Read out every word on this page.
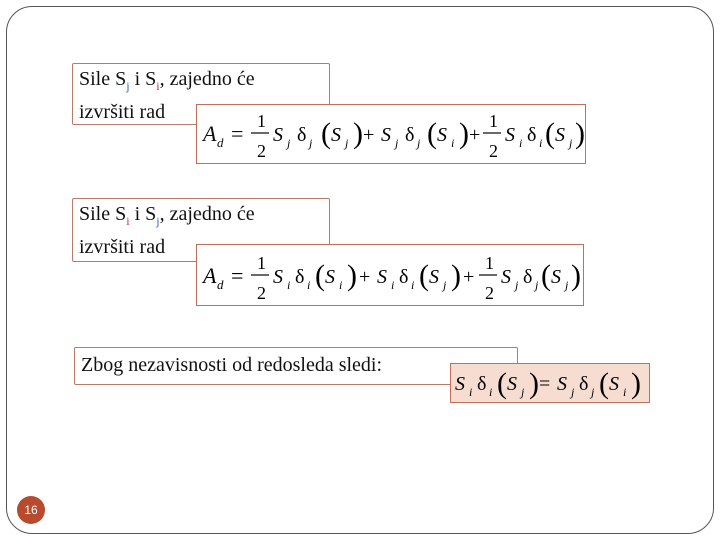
Sile $S_j$ i $S_i$, zajedno će
izvršiti rad
A d = 1
2
S j δ j ( S j ) + S j δ j ( S i ) +
1
2
S i δ i ( S j )
Sile $S_i$ i $S_j$, zajedno će
izvršiti rad
A d = 1
2
S i δ i ( S i ) + S i δ i ( S j ) +
1
2
S j δ j ( S j )
Zbog nezavisnosti od redosleda sledi:
S i δ i ( S j ) = S j δ j ( S i )
16
